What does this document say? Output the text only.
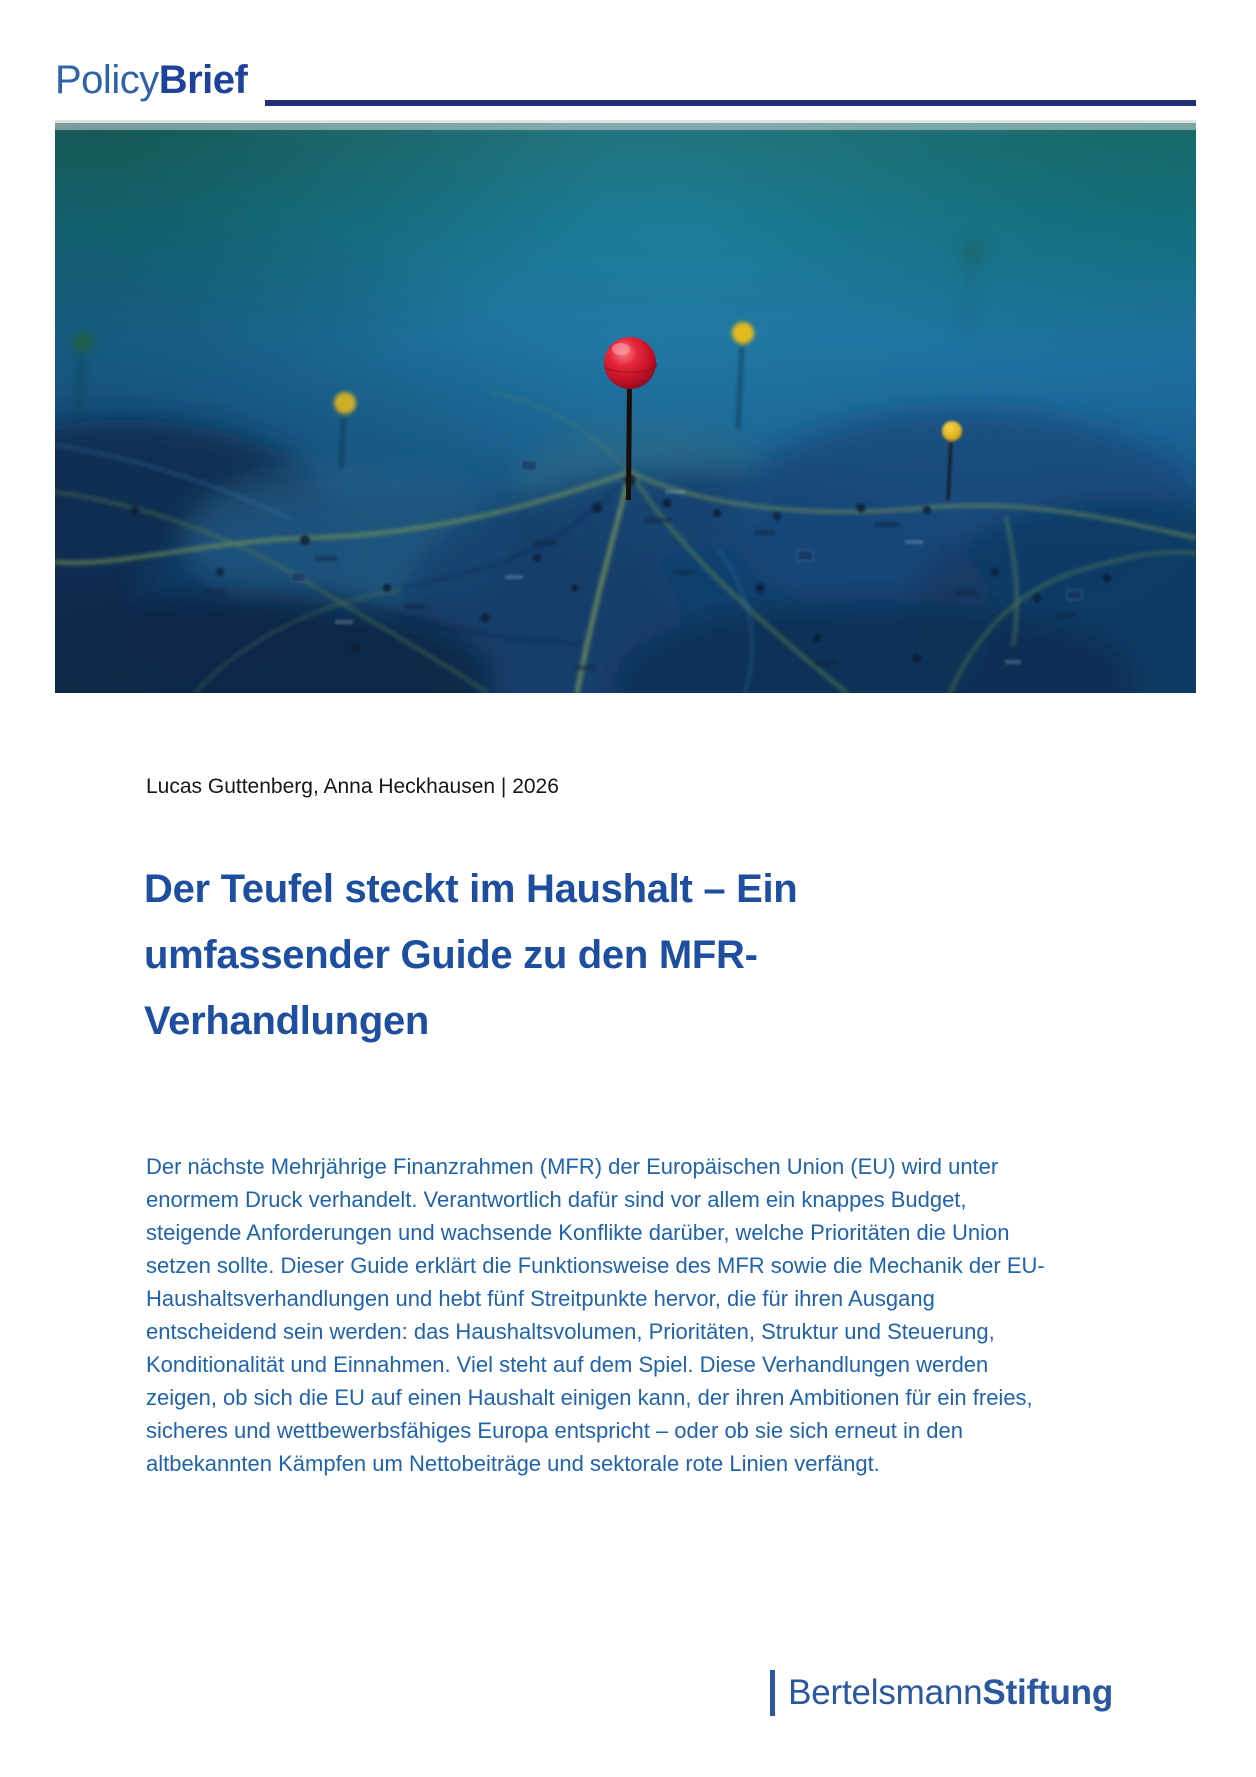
PolicyBrief
Lucas Guttenberg, Anna Heckhausen | 2026
Der Teufel steckt im Haushalt – Ein
umfassender Guide zu den MFR-
Verhandlungen

Der nächste Mehrjährige Finanzrahmen (MFR) der Europäischen Union (EU) wird unter enormem Druck verhandelt. Verantwortlich dafür sind vor allem ein knappes Budget, steigende Anforderungen und wachsende Konflikte darüber, welche Prioritäten die Union setzen sollte. Dieser Guide erklärt die Funktionsweise des MFR sowie die Mechanik der EU-Haushaltsverhandlungen und hebt fünf Streitpunkte hervor, die für ihren Ausgang entscheidend sein werden: das Haushaltsvolumen, Prioritäten, Struktur und Steuerung, Konditionalität und Einnahmen. Viel steht auf dem Spiel. Diese Verhandlungen werden zeigen, ob sich die EU auf einen Haushalt einigen kann, der ihren Ambitionen für ein freies, sicheres und wettbewerbsfähiges Europa entspricht – oder ob sie sich erneut in den altbekannten Kämpfen um Nettobeiträge und sektorale rote Linien verfängt.

BertelsmannStiftung
